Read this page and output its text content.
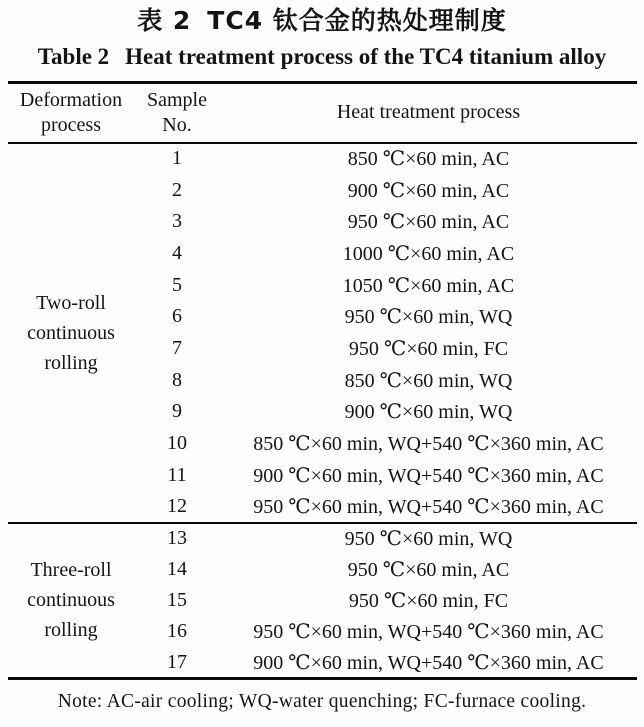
表 2 TC4 钛合金的热处理制度
Table 2 Heat treatment process of the TC4 titanium alloy
Deformation process	Sample No.	Heat treatment process
Two-roll continuous rolling	1	850 ℃×60 min, AC
	2	900 ℃×60 min, AC
	3	950 ℃×60 min, AC
	4	1000 ℃×60 min, AC
	5	1050 ℃×60 min, AC
	6	950 ℃×60 min, WQ
	7	950 ℃×60 min, FC
	8	850 ℃×60 min, WQ
	9	900 ℃×60 min, WQ
	10	850 ℃×60 min, WQ+540 ℃×360 min, AC
	11	900 ℃×60 min, WQ+540 ℃×360 min, AC
	12	950 ℃×60 min, WQ+540 ℃×360 min, AC
Three-roll continuous rolling	13	950 ℃×60 min, WQ
	14	950 ℃×60 min, AC
	15	950 ℃×60 min, FC
	16	950 ℃×60 min, WQ+540 ℃×360 min, AC
	17	900 ℃×60 min, WQ+540 ℃×360 min, AC
Note: AC-air cooling; WQ-water quenching; FC-furnace cooling.
